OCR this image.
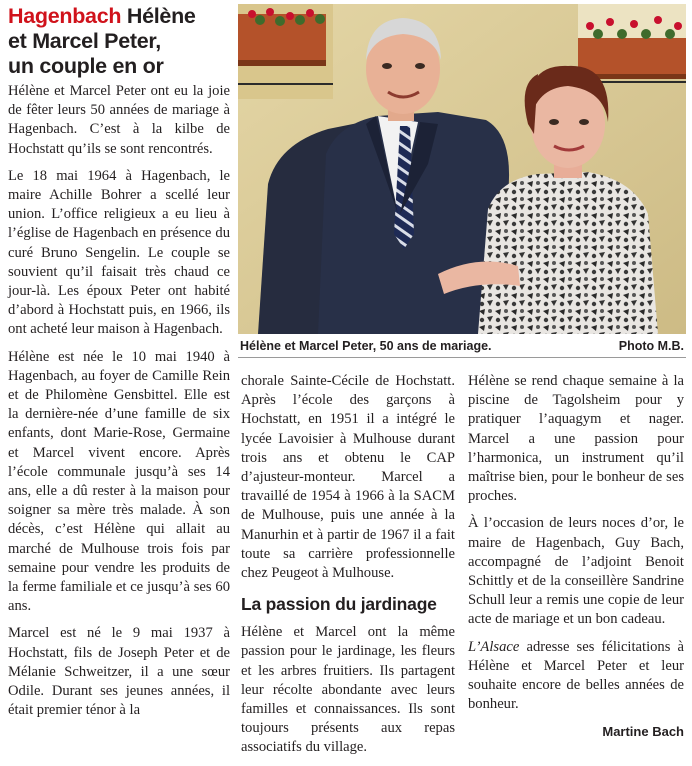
Hagenbach Hélène
et Marcel Peter,
un couple en or

Hélène et Marcel Peter ont eu la joie de fêter leurs 50 années de mariage à Hagenbach. C’est à la kilbe de Hochstatt qu’ils se sont rencontrés.

Le 18 mai 1964 à Hagenbach, le maire Achille Bohrer a scellé leur union. L’office religieux a eu lieu à l’église de Hagenbach en présence du curé Bruno Sengelin. Le couple se souvient qu’il faisait très chaud ce jour-là. Les époux Peter ont habité d’abord à Hochstatt puis, en 1966, ils ont acheté leur maison à Hagenbach.

Hélène est née le 10 mai 1940 à Hagenbach, au foyer de Camille Rein et de Philomène Gensbittel. Elle est la dernière-née d’une famille de six enfants, dont Marie-Rose, Germaine et Marcel vivent encore. Après l’école communale jusqu’à ses 14 ans, elle a dû rester à la maison pour soigner sa mère très malade. À son décès, c’est Hélène qui allait au marché de Mulhouse trois fois par semaine pour vendre les produits de la ferme familiale et ce jusqu’à ses 60 ans.

Marcel est né le 9 mai 1937 à Hochstatt, fils de Joseph Peter et de Mélanie Schweitzer, il a une sœur Odile. Durant ses jeunes années, il était premier ténor à la

Hélène et Marcel Peter, 50 ans de mariage.	Photo M.B.

chorale Sainte-Cécile de Hochstatt. Après l’école des garçons à Hochstatt, en 1951 il a intégré le lycée Lavoisier à Mulhouse durant trois ans et obtenu le CAP d’ajusteur-monteur. Marcel a travaillé de 1954 à 1966 à la SACM de Mulhouse, puis une année à la Manurhin et à partir de 1967 il a fait toute sa carrière professionnelle chez Peugeot à Mulhouse.

La passion du jardinage

Hélène et Marcel ont la même passion pour le jardinage, les fleurs et les arbres fruitiers. Ils partagent leur récolte abondante avec leurs familles et connaissances. Ils sont toujours présents aux repas associatifs du village.

Hélène se rend chaque semaine à la piscine de Tagolsheim pour y pratiquer l’aquagym et nager. Marcel a une passion pour l’harmonica, un instrument qu’il maîtrise bien, pour le bonheur de ses proches.

À l’occasion de leurs noces d’or, le maire de Hagenbach, Guy Bach, accompagné de l’adjoint Benoit Schittly et de la conseillère Sandrine Schull leur a remis une copie de leur acte de mariage et un bon cadeau.

L’Alsace adresse ses félicitations à Hélène et Marcel Peter et leur souhaite encore de belles années de bonheur.

Martine Bach
